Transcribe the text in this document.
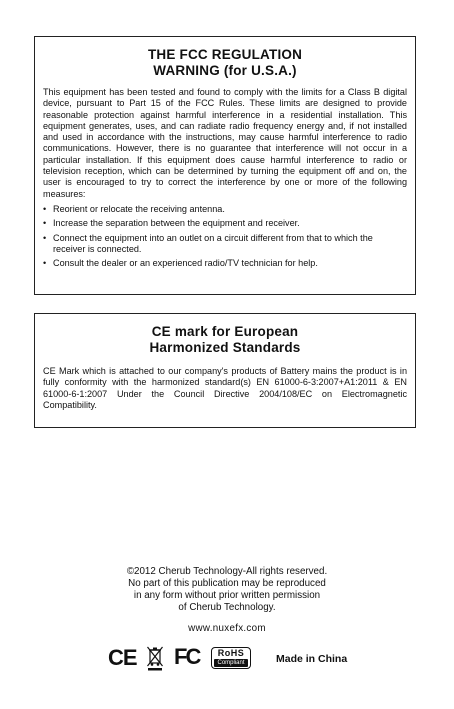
THE FCC REGULATION
WARNING (for U.S.A.)

This equipment has been tested and found to comply with the limits for a Class B digital device, pursuant to Part 15 of the FCC Rules. These limits are designed to provide reasonable protection against harmful interference in a residential installation. This equipment generates, uses, and can radiate radio frequency energy and, if not installed and used in accordance with the instructions, may cause harmful interference to radio communications. However, there is no guarantee that interference will not occur in a particular installation. If this equipment does cause harmful interference to radio or television reception, which can be determined by turning the equipment off and on, the user is encouraged to try to correct the interference by one or more of the following measures:

• Reorient or relocate the receiving antenna.
• Increase the separation between the equipment and receiver.
• Connect the equipment into an outlet on a circuit different from that to which the receiver is connected.
• Consult the dealer or an experienced radio/TV technician for help.
CE mark for European
Harmonized Standards

CE Mark which is attached to our company's products of Battery mains the product is in fully conformity with the harmonized standard(s) EN 61000-6-3:2007+A1:2011 & EN 61000-6-1:2007 Under the Council Directive 2004/108/EC on Electromagnetic Compatibility.

©2012 Cherub Technology-All rights reserved.
No part of this publication may be reproduced
in any form without prior written permission
of Cherub Technology.
www.nuxefx.com
CE FC	RoHS
Compliant	Made in China
